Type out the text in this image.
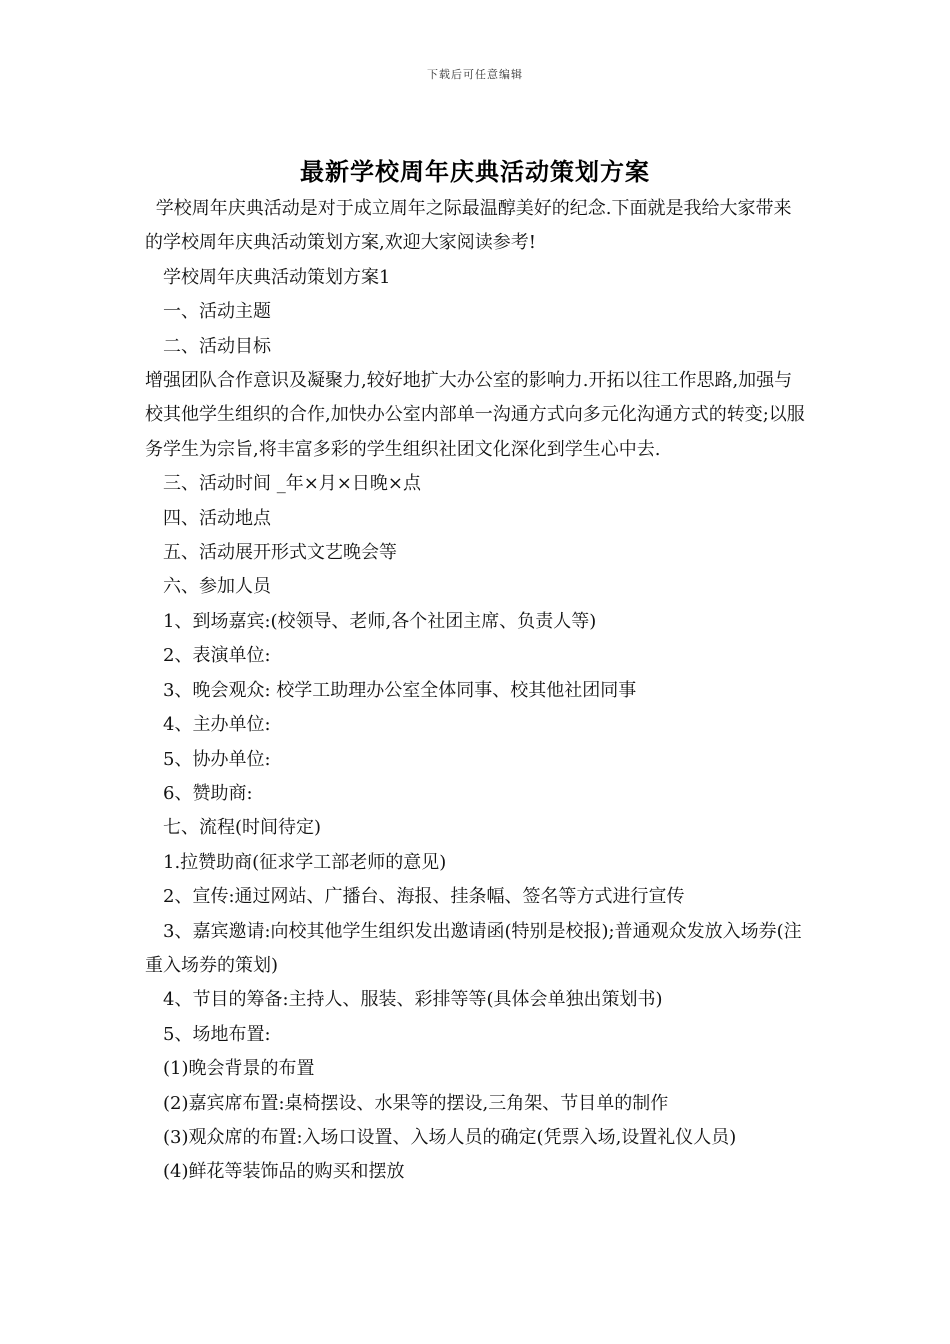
下载后可任意编辑
最新学校周年庆典活动策划方案

学校周年庆典活动是对于成立周年之际最温醇美好的纪念.下面就是我给大家带来的学校周年庆典活动策划方案,欢迎大家阅读参考!

学校周年庆典活动策划方案1

一、活动主题

二、活动目标

增强团队合作意识及凝聚力,较好地扩大办公室的影响力.开拓以往工作思路,加强与校其他学生组织的合作,加快办公室内部单一沟通方式向多元化沟通方式的转变;以服务学生为宗旨,将丰富多彩的学生组织社团文化深化到学生心中去.

三、活动时间 _年×月×日晚×点

四、活动地点

五、活动展开形式文艺晚会等

六、参加人员

1、到场嘉宾:(校领导、老师,各个社团主席、负责人等)

2、表演单位:

3、晚会观众: 校学工助理办公室全体同事、校其他社团同事

4、主办单位:

5、协办单位:

6、赞助商:

七、流程(时间待定)

1.拉赞助商(征求学工部老师的意见)

2、宣传:通过网站、广播台、海报、挂条幅、签名等方式进行宣传

3、嘉宾邀请:向校其他学生组织发出邀请函(特别是校报);普通观众发放入场券(注重入场券的策划)

4、节目的筹备:主持人、服装、彩排等等(具体会单独出策划书)

5、场地布置:

(1)晚会背景的布置

(2)嘉宾席布置:桌椅摆设、水果等的摆设,三角架、节目单的制作

(3)观众席的布置:入场口设置、入场人员的确定(凭票入场,设置礼仪人员)

(4)鲜花等装饰品的购买和摆放
